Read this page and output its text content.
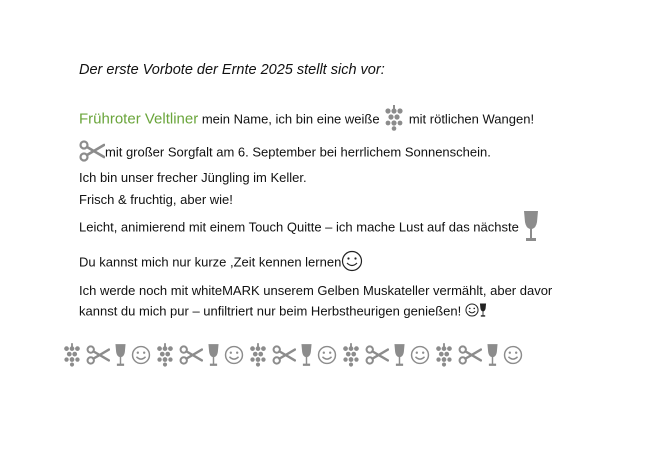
Der erste Vorbote der Ernte 2025 stellt sich vor:
Frühroter Veltliner mein Name, ich bin eine weiße  mit rötlichen Wangen!
mit großer Sorgfalt am 6. September bei herrlichem Sonnenschein.
Ich bin unser frecher Jüngling im Keller.
Frisch & fruchtig, aber wie!
Leicht, animierend mit einem Touch Quitte – ich mache Lust auf das nächste
Du kannst mich nur kurze ,Zeit kennen lernen
Ich werde noch mit whiteMARK unserem Gelben Muskateller vermählt, aber davor
kannst du mich pur – unfiltriert nur beim Herbstheurigen genießen!
